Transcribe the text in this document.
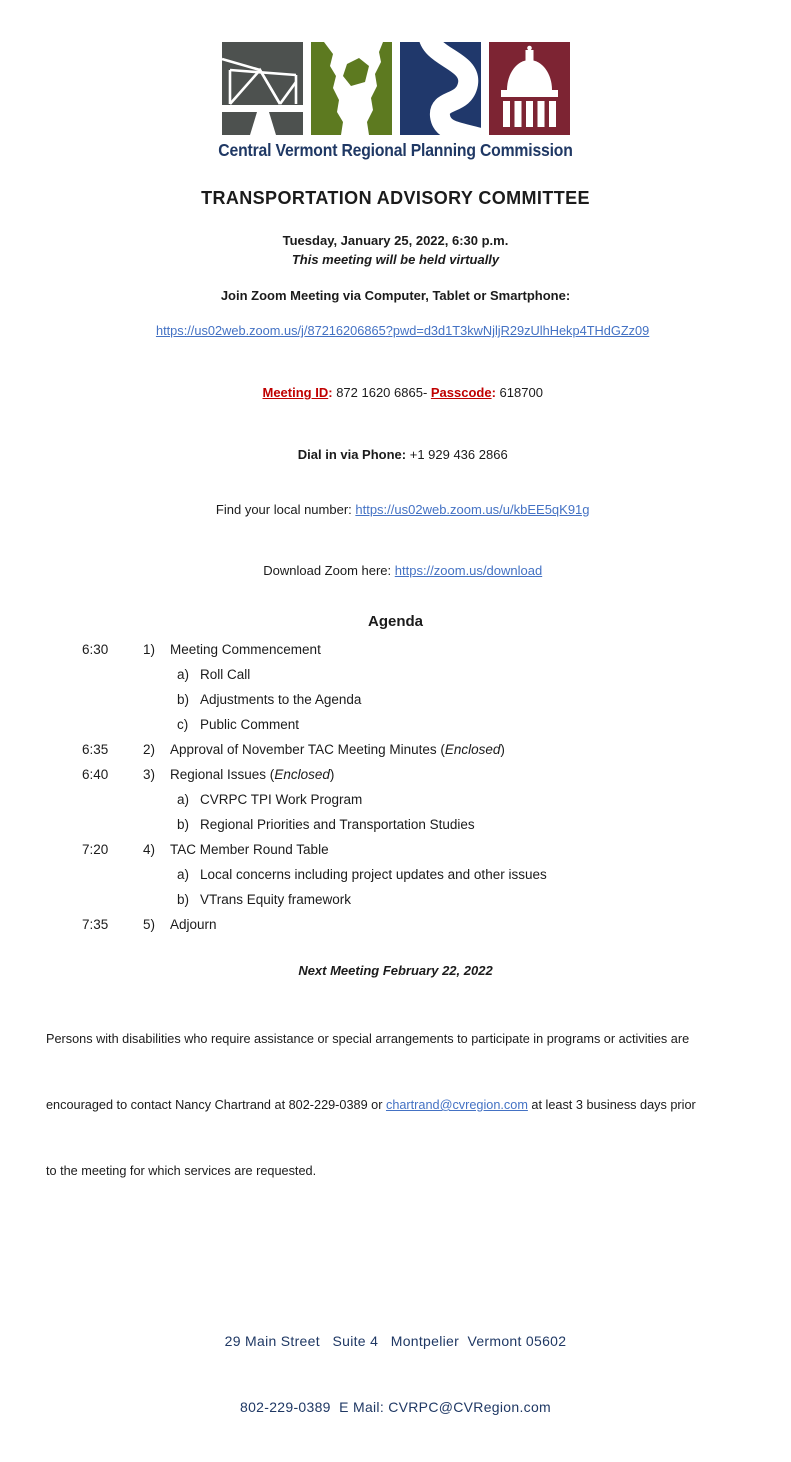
Central Vermont Regional Planning Commission
TRANSPORTATION ADVISORY COMMITTEE
Tuesday, January 25, 2022, 6:30 p.m.
This meeting will be held virtually
Join Zoom Meeting via Computer, Tablet or Smartphone:

https://us02web.zoom.us/j/87216206865?pwd=d3d1T3kwNjljR29zUlhHekp4THdGZz09

Meeting ID: 872 1620 6865- Passcode: 618700

Dial in via Phone: +1 929 436 2866

Find your local number: https://us02web.zoom.us/u/kbEE5qK91g

Download Zoom here: https://zoom.us/download

Agenda
6:30	1)	Meeting Commencement
a) Roll Call
b) Adjustments to the Agenda
c) Public Comment
6:35	2)	Approval of November TAC Meeting Minutes (Enclosed)
6:40	3)	Regional Issues (Enclosed)
a) CVRPC TPI Work Program
b) Regional Priorities and Transportation Studies
7:20	4)	TAC Member Round Table
a) Local concerns including project updates and other issues
b) VTrans Equity framework
7:35	5)	Adjourn
Next Meeting February 22, 2022

Persons with disabilities who require assistance or special arrangements to participate in programs or activities are

encouraged to contact Nancy Chartrand at 802-229-0389 or chartrand@cvregion.com at least 3 business days prior

to the meeting for which services are requested.

29 Main Street   Suite 4   Montpelier  Vermont 05602

802-229-0389  E Mail: CVRPC@CVRegion.com
